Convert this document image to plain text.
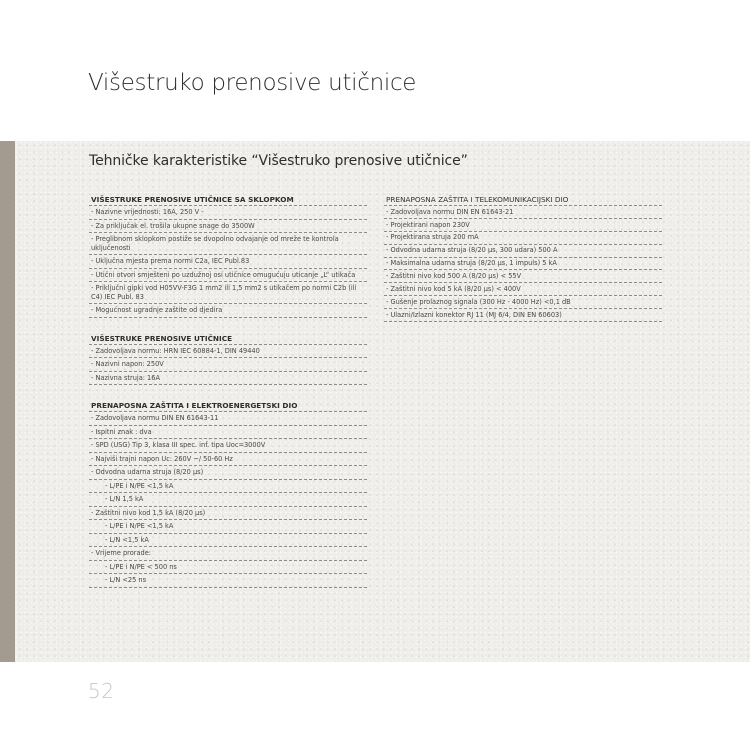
Višestruko prenosive utičnice
Tehničke karakteristike “Višestruko prenosive utičnice”
VIŠESTRUKE PRENOSIVE UTIČNICE SA SKLOPKOM
- Nazivne vrijednosti: 16A, 250 V -
- Za priključak el. trošila ukupne snage do 3500W
- Preglibnom sklopkom postiže se dvopolno odvajanje od mreže te kontrola uključenosti
- Uključna mjesta prema normi C2a, IEC Publ.83
- Utični otvori smješteni po uzdužnoj osi utičnice omugućuju uticanje „L“ utikača
- Priključni gipki vod H05VV-F3G 1 mm2 ili 1,5 mm2 s utikačem po normi C2b (ili C4) IEC Publ. 83
- Mogućnost ugradnje zaštite od djedira
VIŠESTRUKE PRENOSIVE UTIČNICE
- Zadovoljava normu: HRN IEC 60884-1, DIN 49440
- Nazivni napon: 250V
- Nazivna struja: 16A
PRENAPOSNA ZAŠTITA I ELEKTROENERGETSKI DIO
- Zadovoljava normu DIN EN 61643-11
- Ispitni znak : dva
- SPD (USG) Tip 3, klasa III spec. inf. tipa Uoc=3000V
- Najviši trajni napon Uc: 260V ~/ 50-60 Hz
- Odvodna udarna struja (8/20 µs)
- L/PE i N/PE <1,5 kA
- L/N 1,5 kA
- Zaštitni nivo kod 1,5 kA (8/20 µs)
- L/PE i N/PE <1,5 kA
- L/N <1,5 kA
- Vrijeme prorade:
- L/PE i N/PE < 500 ns
- L/N <25 ns
PRENAPOSNA ZAŠTITA I TELEKOMUNIKACIJSKI DIO
- Zadovoljava normu DIN EN 61643-21
- Projektirani napon 230V
- Projektirana struja 200 mA
- Odvodna udarna struja (8/20 µs, 300 udara) 500 A
- Maksimalna udarna struja (8/20 µs, 1 impuls) 5 kA
- Zaštitni nivo kod 500 A (8/20 µs) < 55V
- Zaštitni nivo kod 5 kA (8/20 µs) < 400V
- Gušenje prolaznog signala (300 Hz - 4000 Hz) <0,1 dB
- Ulazni/Izlazni konektor RJ 11 (MJ 6/4, DIN EN 60603)
52
